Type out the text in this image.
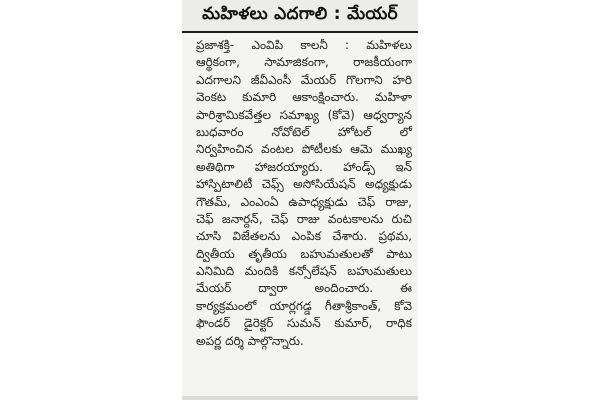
మహిళలు ఎదగాలి : మేయర్
ప్రజాశక్తి- ఎంవిపి కాలనీ : మహిళలు
ఆర్థికంగా, సామాజికంగా, రాజకీయంగా
ఎదగాలని జీవీఎంసీ మేయర్ గొలగాని హరి
వెంకట కుమారి ఆకాంక్షించారు. మహిళా
పారిశ్రామికవేత్తల సమాఖ్య (కోవె) ఆధ్వర్యాన
బుధవారం నోవోటెల్ హోటల్ లో
నిర్వహించిన వంటల పోటీలకు ఆమె ముఖ్య
అతిథిగా హాజరయ్యారు. హాండ్స్ ఇన్
హాస్పిటాలిటీ చెఫ్స్ అసోసియేషన్ అధ్యక్షుడు
గౌతమ్, ఎంఎంఏ ఉపాధ్యక్షుడు చెఫ్ రాజు,
చెఫ్ జనార్దన్, చెఫ్ రాజు వంటకాలను రుచి
చూసి విజేతలను ఎంపిక చేశారు. ప్రథమ,
ద్వితీయ తృతీయ బహుమతులతో పాటు
ఎనిమిది మందికి కన్సోలేషన్ బహుమతులు
మేయర్ ద్వారా అందించారు. ఈ
కార్యక్రమంలో యార్లగడ్డ గీతాశ్రీకాంత్, కోవె
ఫౌండర్ డైరెక్టర్ సుమన్ కుమార్, రాధిక
అపర్ణ దర్శి పాల్గొన్నారు.
